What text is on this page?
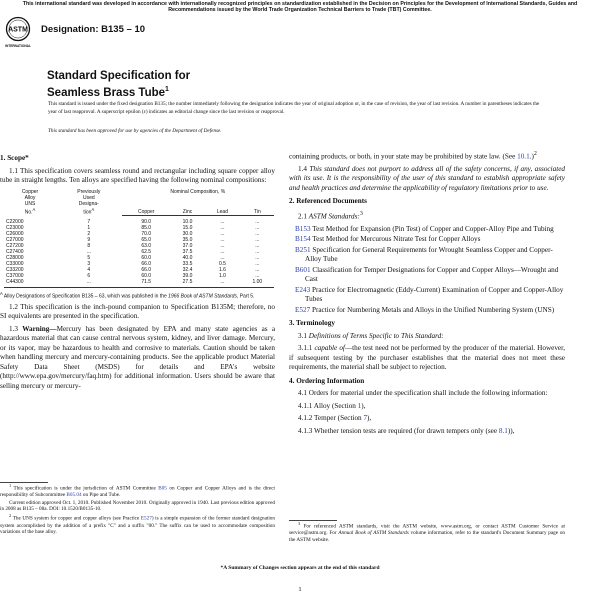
This international standard was developed in accordance with internationally recognized principles on standardization established in the Decision on Principles for the Development of International Standards, Guides and Recommendations issued by the World Trade Organization Technical Barriers to Trade (TBT) Committee.
ASTM
INTERNATIONAL
Designation: B135 – 10
Standard Specification for
Seamless Brass Tube$^1$
This standard is issued under the fixed designation B135; the number immediately following the designation indicates the year of original adoption or, in the case of revision, the year of last revision. A number in parentheses indicates the year of last reapproval. A superscript epsilon (ε) indicates an editorial change since the last revision or reapproval.
This standard has been approved for use by agencies of the Department of Defense.
1. Scope*

1.1 This specification covers seamless round and rectangular including square copper alloy tube in straight lengths. Ten alloys are specified having the following nominal compositions:

Copper
Alloy
UNS
No.$^A$	Previously
Used
Designa-
tion$^A$	Nominal Composition, %			
		Copper	Zinc	Lead	Tin
C22000	7	90.0	10.0	...	...
C23000	1	85.0	15.0	...	...
C26000	2	70.0	30.0	...	...
C27000	9	65.0	35.0	...	...
C27200	8	63.0	37.0	...	...
C27400	...	62.5	37.5	...	...
C28000	5	60.0	40.0	...	...
C33000	3	66.0	33.5	0.5	...
C33200	4	66.0	32.4	1.6	...
C37000	6	60.0	39.0	1.0	...
C44300	...	71.5	27.5	...	1.00

$^A$ Alloy Designations of Specification B135 – 63, which was published in the 1966 Book of ASTM Standards, Part 5.

1.2 This specification is the inch-pound companion to Specification B135M; therefore, no SI equivalents are presented in the specification.

1.3 Warning—Mercury has been designated by EPA and many state agencies as a hazardous material that can cause central nervous system, kidney, and liver damage. Mercury, or its vapor, may be hazardous to health and corrosive to materials. Caution should be taken when handling mercury and mercury-containing products. See the applicable product Material Safety Data Sheet (MSDS) for details and EPA's website (http://www.epa.gov/mercury/faq.htm) for additional information. Users should be aware that selling mercury or mercury-

containing products, or both, in your state may be prohibited by state law. (See 10.1.)$^2$

1.4 This standard does not purport to address all of the safety concerns, if any, associated with its use. It is the responsibility of the user of this standard to establish appropriate safety and health practices and determine the applicability of regulatory limitations prior to use.

2. Referenced Documents

2.1 ASTM Standards:$^3$

B153 Test Method for Expansion (Pin Test) of Copper and Copper-Alloy Pipe and Tubing

B154 Test Method for Mercurous Nitrate Test for Copper Alloys

B251 Specification for General Requirements for Wrought Seamless Copper and Copper-Alloy Tube

B601 Classification for Temper Designations for Copper and Copper Alloys—Wrought and Cast

E243 Practice for Electromagnetic (Eddy-Current) Examination of Copper and Copper-Alloy Tubes

E527 Practice for Numbering Metals and Alloys in the Unified Numbering System (UNS)

3. Terminology

3.1 Definitions of Terms Specific to This Standard:

3.1.1 capable of—the test need not be performed by the producer of the material. However, if subsequent testing by the purchaser establishes that the material does not meet these requirements, the material shall be subject to rejection.

4. Ordering Information

4.1 Orders for material under the specification shall include the following information:

4.1.1 Alloy (Section 1),

4.1.2 Temper (Section 7),

4.1.3 Whether tension tests are required (for drawn tempers only (see 8.1)),

$^1$ This specification is under the jurisdiction of ASTM Committee B05 on Copper and Copper Alloys and is the direct responsibility of Subcommittee B05.04 on Pipe and Tube.

Current edition approved Oct. 1, 2010. Published November 2010. Originally approved in 1940. Last previous edition approved in 2008 as B135 – 08a. DOI: 10.1520/B0135-10.

$^2$ The UNS system for copper and copper alloys (see Practice E527) is a simple expansion of the former standard designation system accomplished by the addition of a prefix "C" and a suffix "00." The suffix can be used to accommodate composition variations of the base alloy.

$^3$ For referenced ASTM standards, visit the ASTM website, www.astm.org, or contact ASTM Customer Service at service@astm.org. For Annual Book of ASTM Standards volume information, refer to the standard's Document Summary page on the ASTM website.

*A Summary of Changes section appears at the end of this standard
1
